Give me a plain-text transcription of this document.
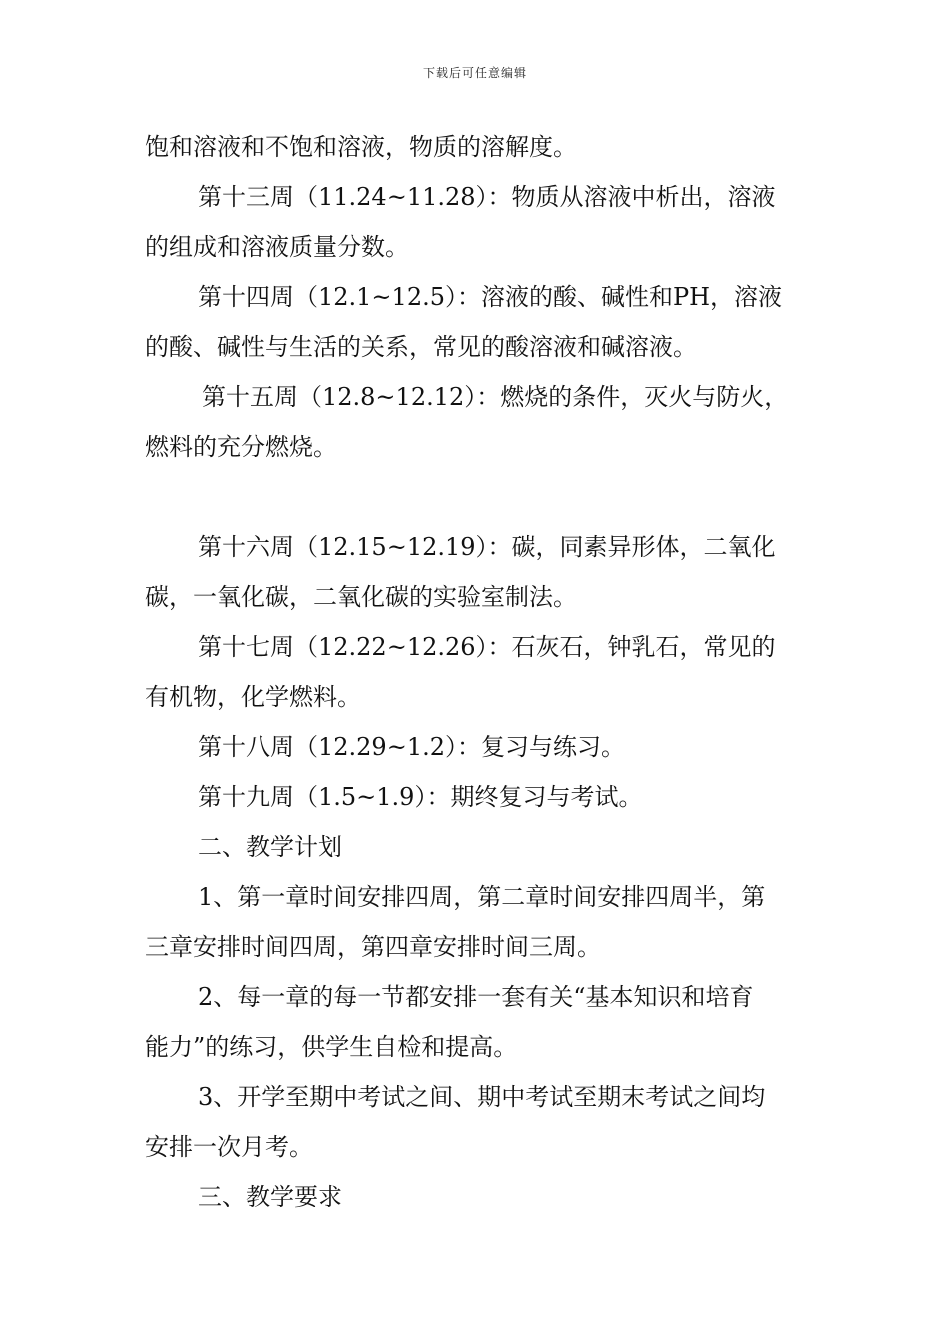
下载后可任意编辑
饱和溶液和不饱和溶液，物质的溶解度。
第十三周（11.24~11.28）：物质从溶液中析出，溶液
的组成和溶液质量分数。
第十四周（12.1~12.5）：溶液的酸、碱性和PH，溶液
的酸、碱性与生活的关系，常见的酸溶液和碱溶液。
第十五周（12.8~12.12）：燃烧的条件，灭火与防火，
燃料的充分燃烧。
第十六周（12.15~12.19）：碳，同素异形体，二氧化
碳，一氧化碳，二氧化碳的实验室制法。
第十七周（12.22~12.26）：石灰石，钟乳石，常见的
有机物，化学燃料。
第十八周（12.29~1.2）：复习与练习。
第十九周（1.5~1.9）：期终复习与考试。
二、教学计划
1、第一章时间安排四周，第二章时间安排四周半，第
三章安排时间四周，第四章安排时间三周。
2、每一章的每一节都安排一套有关“基本知识和培育
能力”的练习，供学生自检和提高。
3、开学至期中考试之间、期中考试至期末考试之间均
安排一次月考。
三、教学要求
